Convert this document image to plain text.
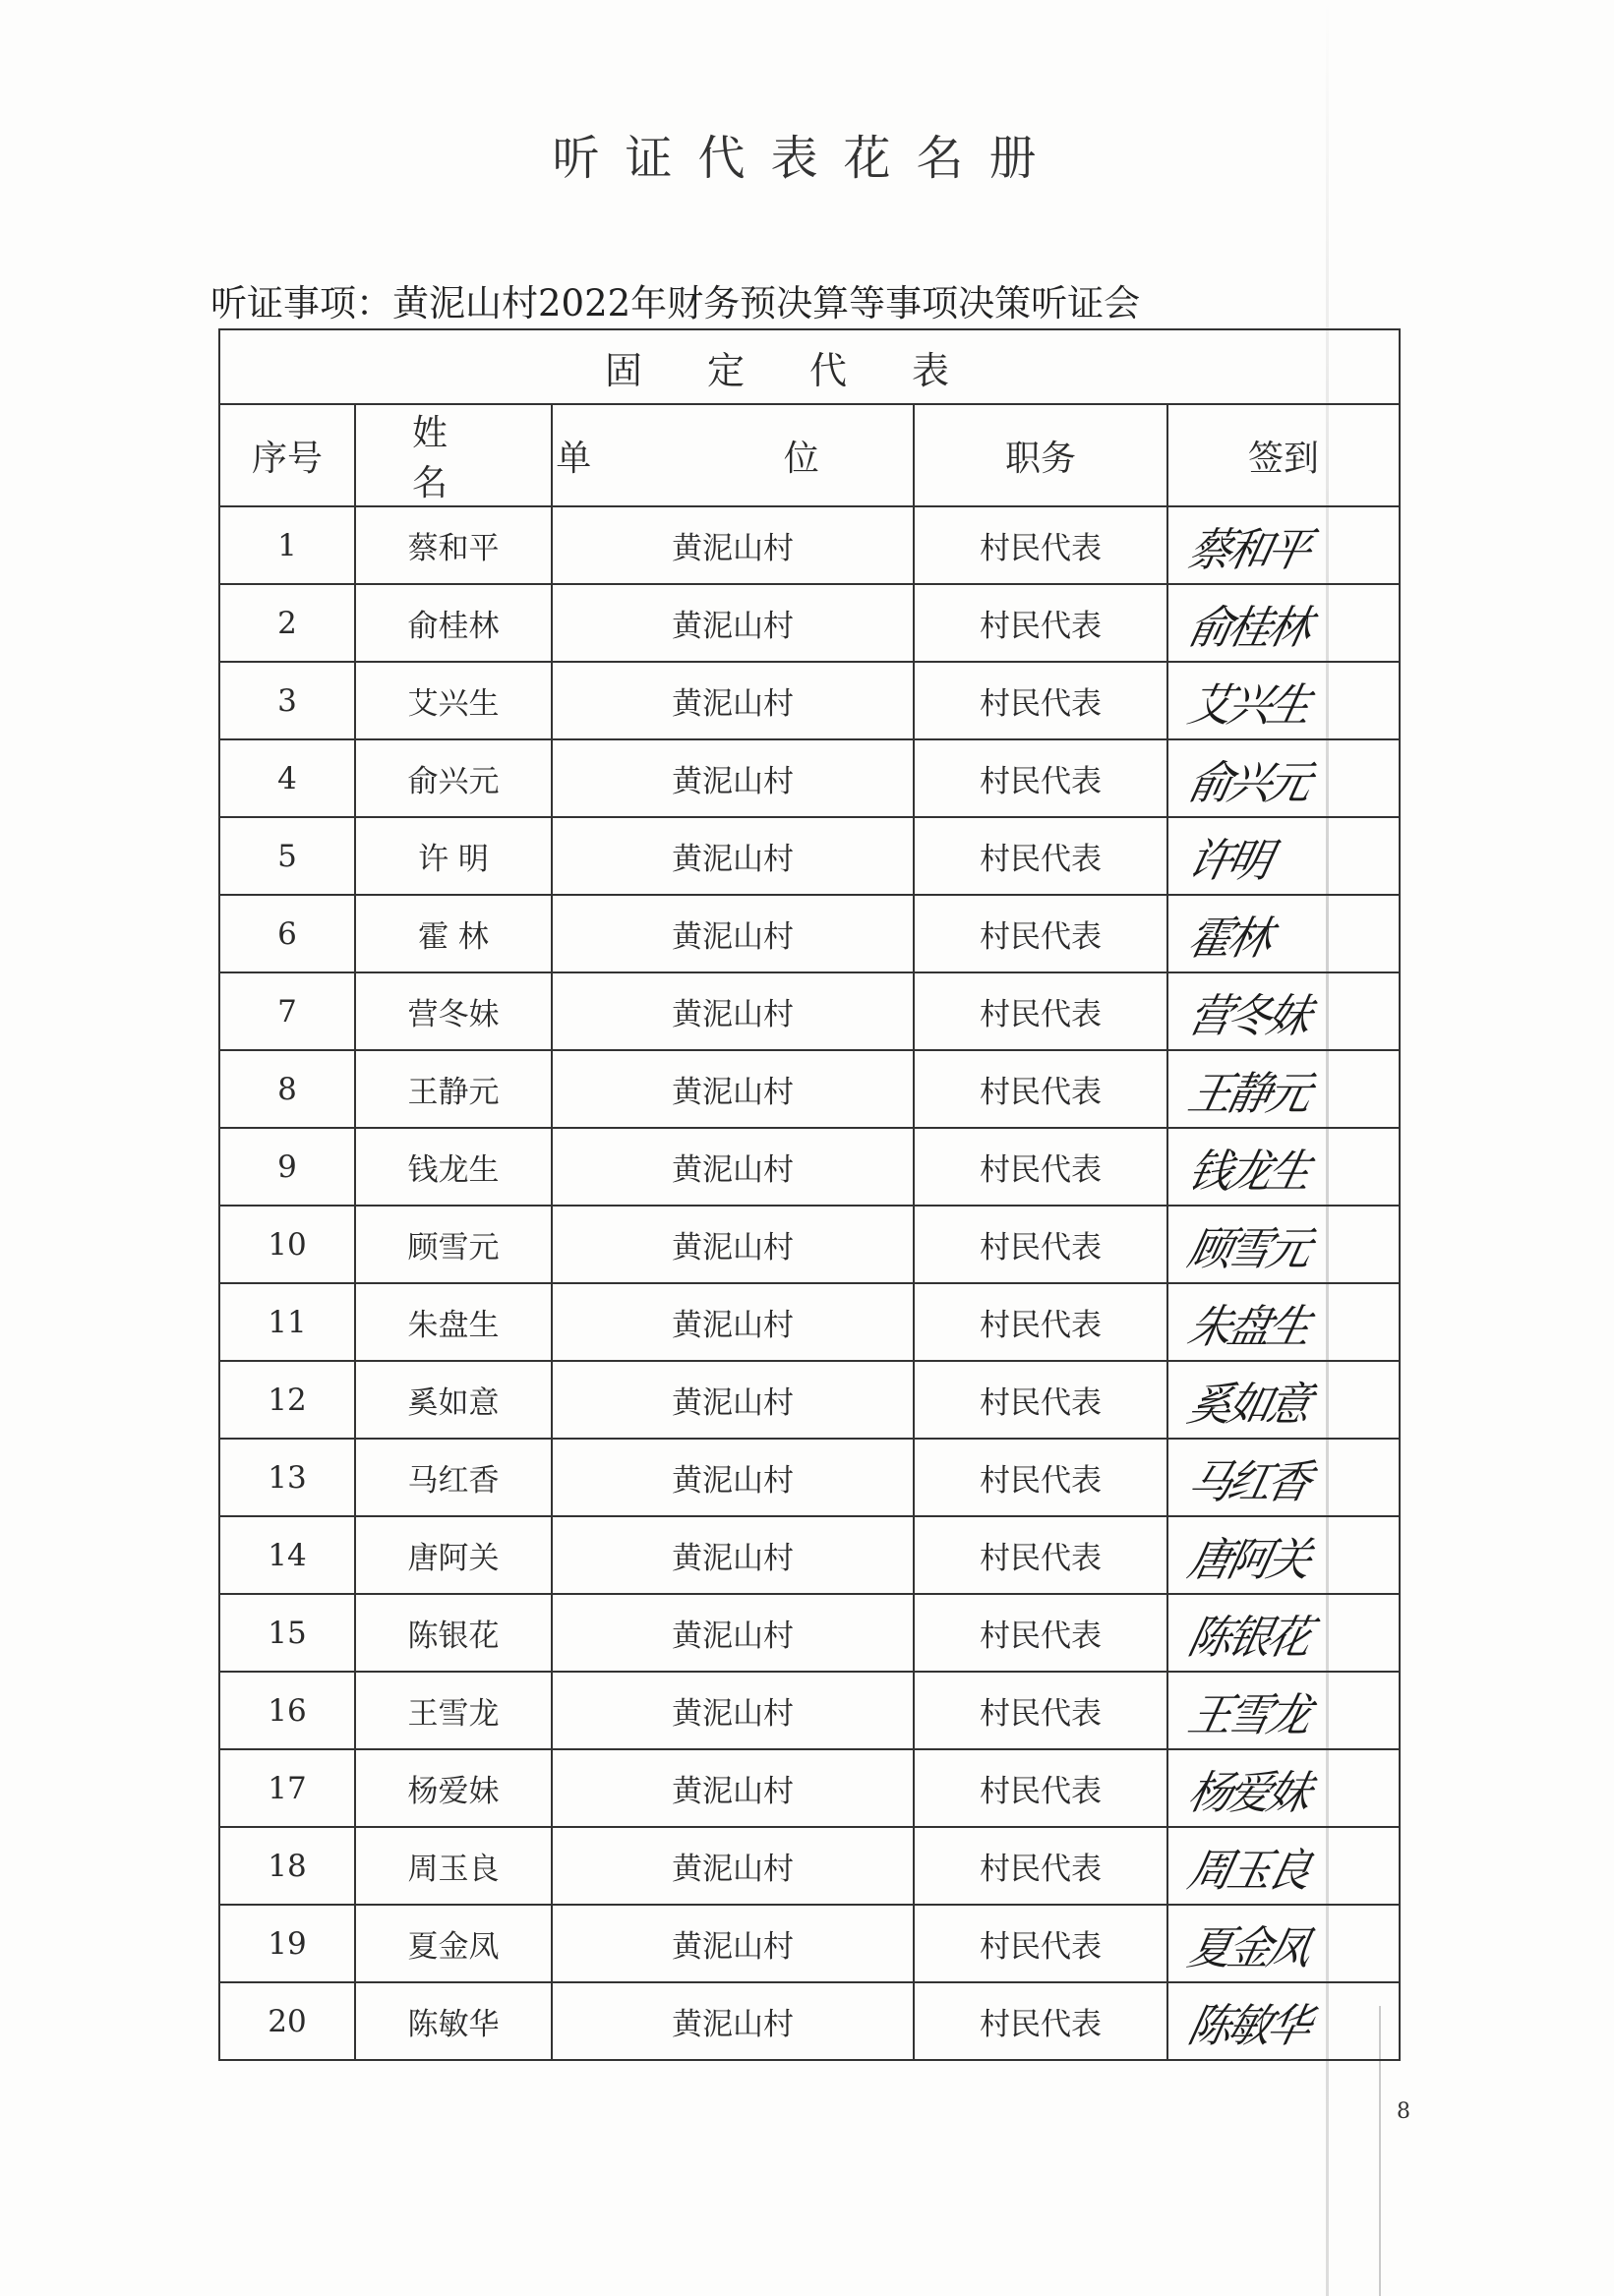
听证代表花名册
听证事项：黄泥山村2022年财务预决算等事项决策听证会
固定代表				
序号	姓 名	单 位	职务	签到
1	蔡和平	黄泥山村	村民代表	蔡和平

2	俞桂林	黄泥山村	村民代表	俞桂林

3	艾兴生	黄泥山村	村民代表	艾兴生

4	俞兴元	黄泥山村	村民代表	俞兴元

5	许 明	黄泥山村	村民代表	许明

6	霍 林	黄泥山村	村民代表	霍林

7	营冬妹	黄泥山村	村民代表	营冬妹

8	王静元	黄泥山村	村民代表	王静元

9	钱龙生	黄泥山村	村民代表	钱龙生

10	顾雪元	黄泥山村	村民代表	顾雪元

11	朱盘生	黄泥山村	村民代表	朱盘生

12	奚如意	黄泥山村	村民代表	奚如意

13	马红香	黄泥山村	村民代表	马红香

14	唐阿关	黄泥山村	村民代表	唐阿关

15	陈银花	黄泥山村	村民代表	陈银花

16	王雪龙	黄泥山村	村民代表	王雪龙

17	杨爱妹	黄泥山村	村民代表	杨爱妹

18	周玉良	黄泥山村	村民代表	周玉良

19	夏金凤	黄泥山村	村民代表	夏金凤

20	陈敏华	黄泥山村	村民代表	陈敏华
8
